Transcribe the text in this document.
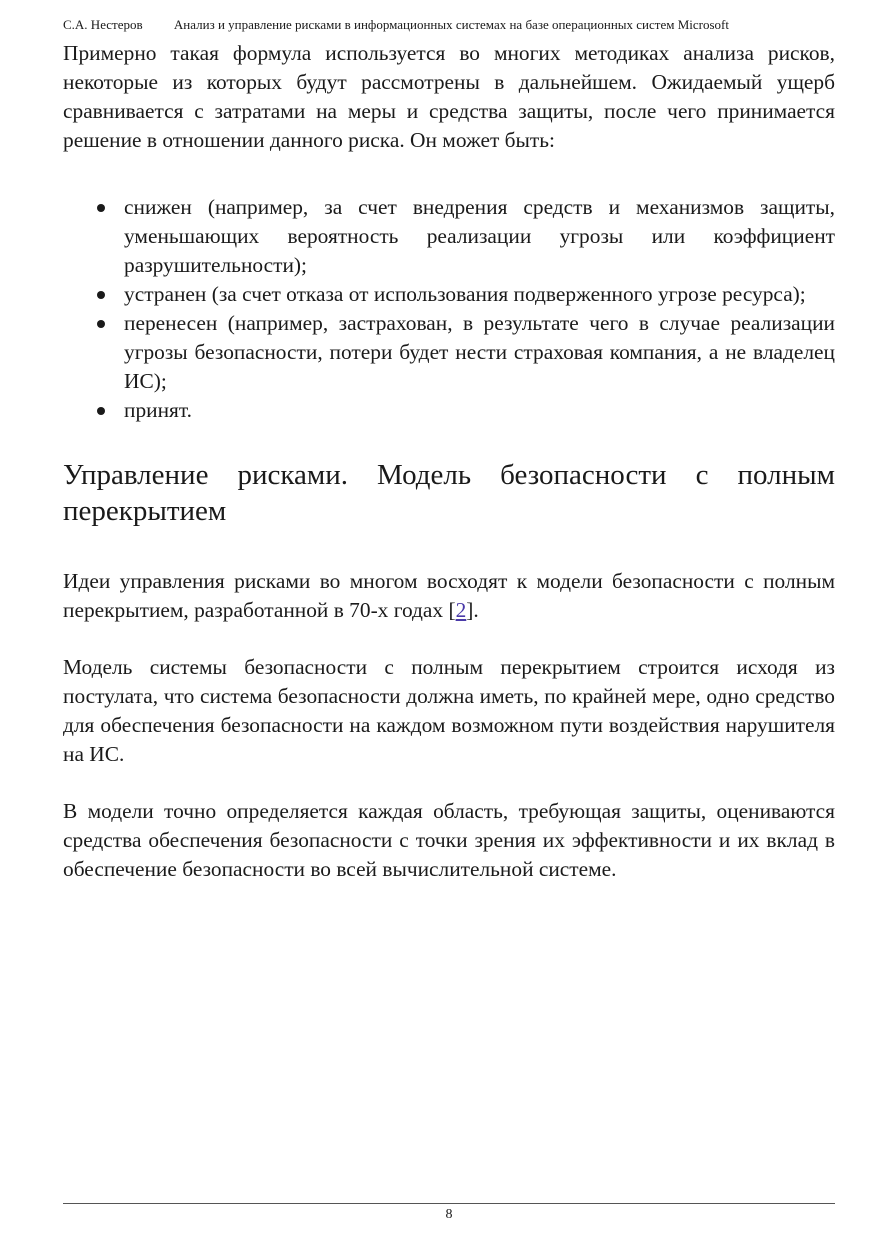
С.А. Нестеров Анализ и управление рисками в информационных системах на базе операционных систем Microsoft

Примерно такая формула используется во многих методиках анализа рисков, некоторые из которых будут рассмотрены в дальнейшем. Ожидаемый ущерб сравнивается с затратами на меры и средства защиты, после чего принимается решение в отношении данного риска. Он может быть:

снижен (например, за счет внедрения средств и механизмов защиты, уменьшающих вероятность реализации угрозы или коэффициент разрушительности);
устранен (за счет отказа от использования подверженного угрозе ресурса);
перенесен (например, застрахован, в результате чего в случае реализации угрозы безопасности, потери будет нести страховая компания, а не владелец ИС);
принят.
Управление рисками. Модель безопасности с полным перекрытием

Идеи управления рисками во многом восходят к модели безопасности с полным перекрытием, разработанной в 70-х годах [2].

Модель системы безопасности с полным перекрытием строится исходя из постулата, что система безопасности должна иметь, по крайней мере, одно средство для обеспечения безопасности на каждом возможном пути воздействия нарушителя на ИС.

В модели точно определяется каждая область, требующая защиты, оцениваются средства обеспечения безопасности с точки зрения их эффективности и их вклад в обеспечение безопасности во всей вычислительной системе.

8
